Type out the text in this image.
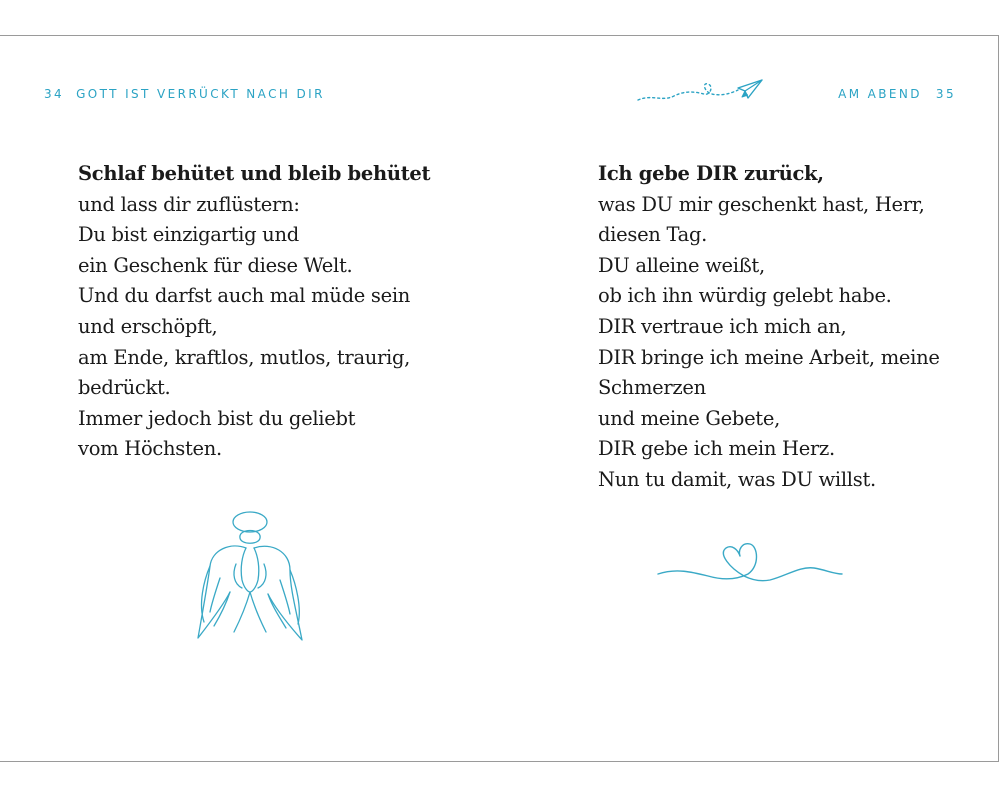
34 GOTT IST VERRÜCKT NACH DIR	AM ABEND 35
Schlaf behütet und bleib behütet
und lass dir zuflüstern:
Du bist einzigartig und
ein Geschenk für diese Welt.
Und du darfst auch mal müde sein
und erschöpft,
am Ende, kraftlos, mutlos, traurig,
bedrückt.
Immer jedoch bist du geliebt
vom Höchsten.
Ich gebe DIR zurück,
was DU mir geschenkt hast, Herr,
diesen Tag.
DU alleine weißt,
ob ich ihn würdig gelebt habe.
DIR vertraue ich mich an,
DIR bringe ich meine Arbeit, meine
Schmerzen
und meine Gebete,
DIR gebe ich mein Herz.
Nun tu damit, was DU willst.
